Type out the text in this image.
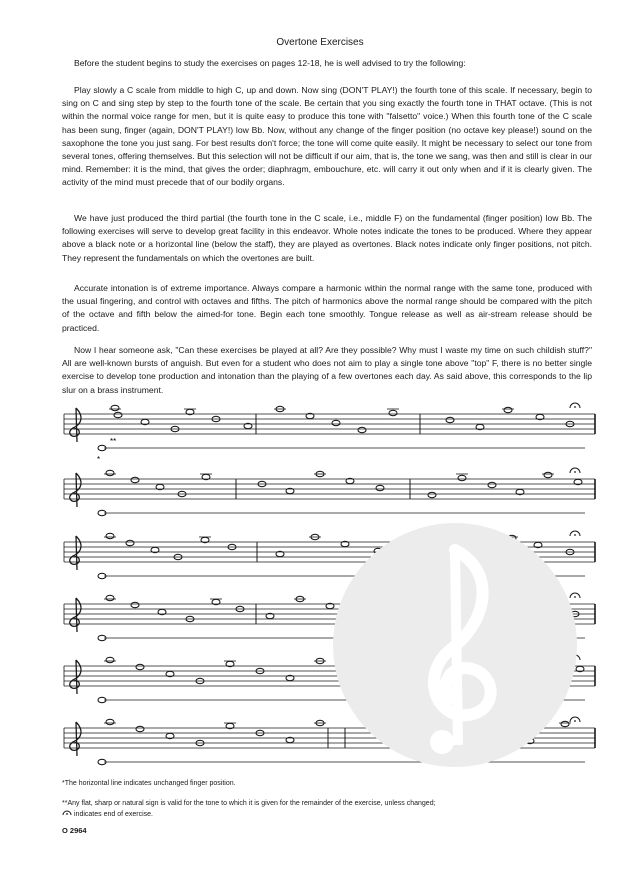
Overtone Exercises

Before the student begins to study the exercises on pages 12-18, he is well advised to try the following:

Play slowly a C scale from middle to high C, up and down. Now sing (DON'T PLAY!) the fourth tone of this scale. If necessary, begin to sing on C and sing step by step to the fourth tone of the scale. Be certain that you sing exactly the fourth tone in THAT octave. (This is not within the normal voice range for men, but it is quite easy to produce this tone with "falsetto" voice.) When this fourth tone of the C scale has been sung, finger (again, DON'T PLAY!) low Bb. Now, without any change of the finger position (no octave key please!) sound on the saxophone the tone you just sang. For best results don't force; the tone will come quite easily. It might be necessary to select our tone from several tones, offering themselves. But this selection will not be difficult if our aim, that is, the tone we sang, was then and still is clear in our mind. Remember: it is the mind, that gives the order; diaphragm, embouchure, etc. will carry it out only when and if it is clearly given. The activity of the mind must precede that of our bodily organs.

We have just produced the third partial (the fourth tone in the C scale, i.e., middle F) on the fundamental (finger position) low Bb. The following exercises will serve to develop great facility in this endeavor. Whole notes indicate the tones to be produced. Where they appear above a black note or a horizontal line (below the staff), they are played as overtones. Black notes indicate only finger positions, not pitch. They represent the fundamentals on which the overtones are built.

Accurate intonation is of extreme importance. Always compare a harmonic within the normal range with the same tone, produced with the usual fingering, and control with octaves and fifths. The pitch of harmonics above the normal range should be compared with the pitch of the octave and fifth below the aimed-for tone. Begin each tone smoothly. Tongue release as well as air-stream release should be practiced.

Now I hear someone ask, "Can these exercises be played at all? Are they possible? Why must I waste my time on such childish stuff?" All are well-known bursts of anguish. But even for a student who does not aim to play a single tone above "top" F, there is no better single exercise to develop tone production and intonation than the playing of a few overtones each day. As said above, this corresponds to the lip slur on a brass instrument.

**
*

*The horizontal line indicates unchanged finger position.

**Any flat, sharp or natural sign is valid for the tone to which it is given for the remainder of the exercise, unless changed;
indicates end of exercise.

O 2964
